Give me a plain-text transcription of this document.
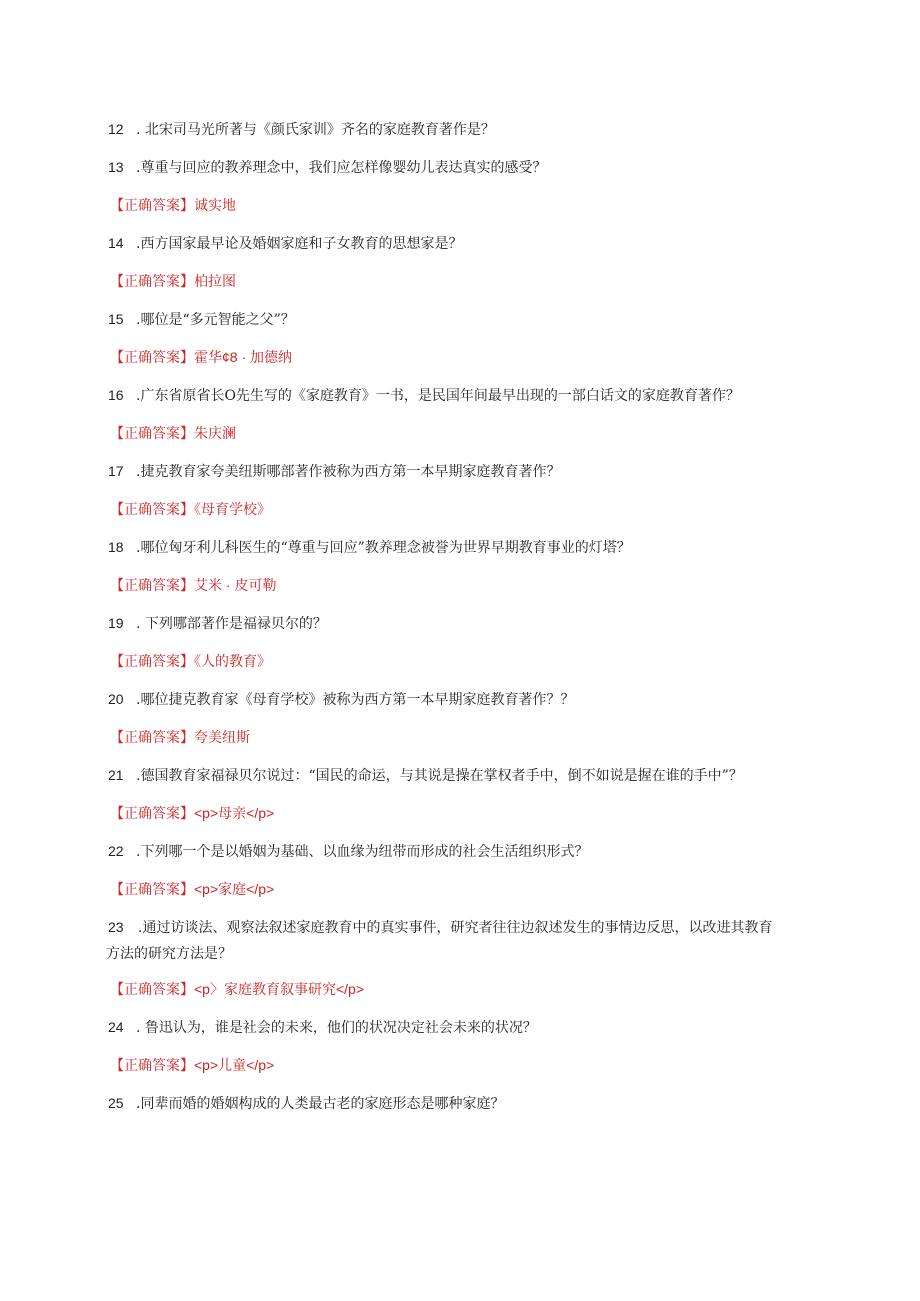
12 . 北宋司马光所著与《颜氏家训》齐名的家庭教育著作是？
13 .尊重与回应的教养理念中，我们应怎样像婴幼儿表达真实的感受？
【正确答案】诚实地
14 .西方国家最早论及婚姻家庭和子女教育的思想家是？
【正确答案】柏拉图
15 .哪位是“多元智能之父”？
【正确答案】霍华¢8 · 加德纳
16 .广东省原省长O先生写的《家庭教育》一书，是民国年间最早出现的一部白话文的家庭教育著作？
【正确答案】朱庆澜
17 .捷克教育家夸美纽斯哪部著作被称为西方第一本早期家庭教育著作？
【正确答案】《母育学校》
18 .哪位匈牙利儿科医生的“尊重与回应”教养理念被誉为世界早期教育事业的灯塔？
【正确答案】艾米 · 皮可勒
19 . 下列哪部著作是福禄贝尔的？
【正确答案】《人的教育》
20 .哪位捷克教育家《母育学校》被称为西方第一本早期家庭教育著作？？
【正确答案】夸美纽斯
21 .德国教育家福禄贝尔说过：“国民的命运，与其说是操在掌权者手中，倒不如说是握在谁的手中”？
【正确答案】<p>母亲</p>
22 .下列哪一个是以婚姻为基础、以血缘为纽带而形成的社会生活组织形式？
【正确答案】<p>家庭</p>
23 .通过访谈法、观察法叙述家庭教育中的真实事件，研究者往往边叙述发生的事情边反思，以改进其教育
方法的研究方法是？
【正确答案】<p〉家庭教育叙事研究</p>
24 . 鲁迅认为，谁是社会的未来，他们的状况决定社会未来的状况？
【正确答案】<p>儿童</p>
25 .同辈而婚的婚姻构成的人类最古老的家庭形态是哪种家庭？
